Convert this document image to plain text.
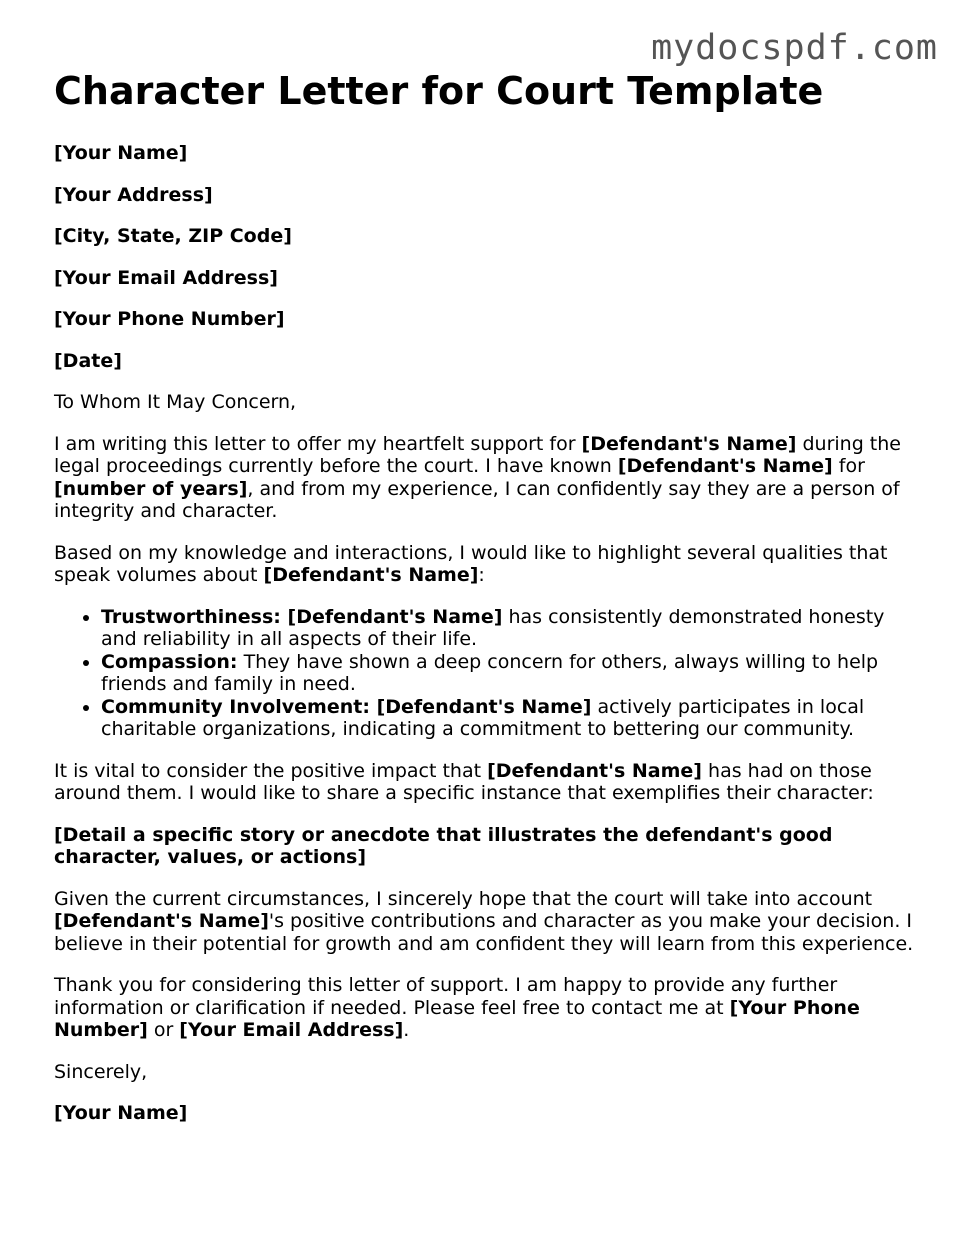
mydocspdf.com
Character Letter for Court Template

[Your Name]

[Your Address]

[City, State, ZIP Code]

[Your Email Address]

[Your Phone Number]

[Date]

To Whom It May Concern,

I am writing this letter to offer my heartfelt support for [Defendant's Name] during the legal proceedings currently before the court. I have known [Defendant's Name] for [number of years], and from my experience, I can confidently say they are a person of integrity and character.

Based on my knowledge and interactions, I would like to highlight several qualities that speak volumes about [Defendant's Name]:

• Trustworthiness: [Defendant's Name] has consistently demonstrated honesty and reliability in all aspects of their life.
• Compassion: They have shown a deep concern for others, always willing to help friends and family in need.
• Community Involvement: [Defendant's Name] actively participates in local charitable organizations, indicating a commitment to bettering our community.

It is vital to consider the positive impact that [Defendant's Name] has had on those around them. I would like to share a specific instance that exemplifies their character:

[Detail a specific story or anecdote that illustrates the defendant's good character, values, or actions]

Given the current circumstances, I sincerely hope that the court will take into account [Defendant's Name]'s positive contributions and character as you make your decision. I believe in their potential for growth and am confident they will learn from this experience.

Thank you for considering this letter of support. I am happy to provide any further information or clarification if needed. Please feel free to contact me at [Your Phone Number] or [Your Email Address].

Sincerely,

[Your Name]
